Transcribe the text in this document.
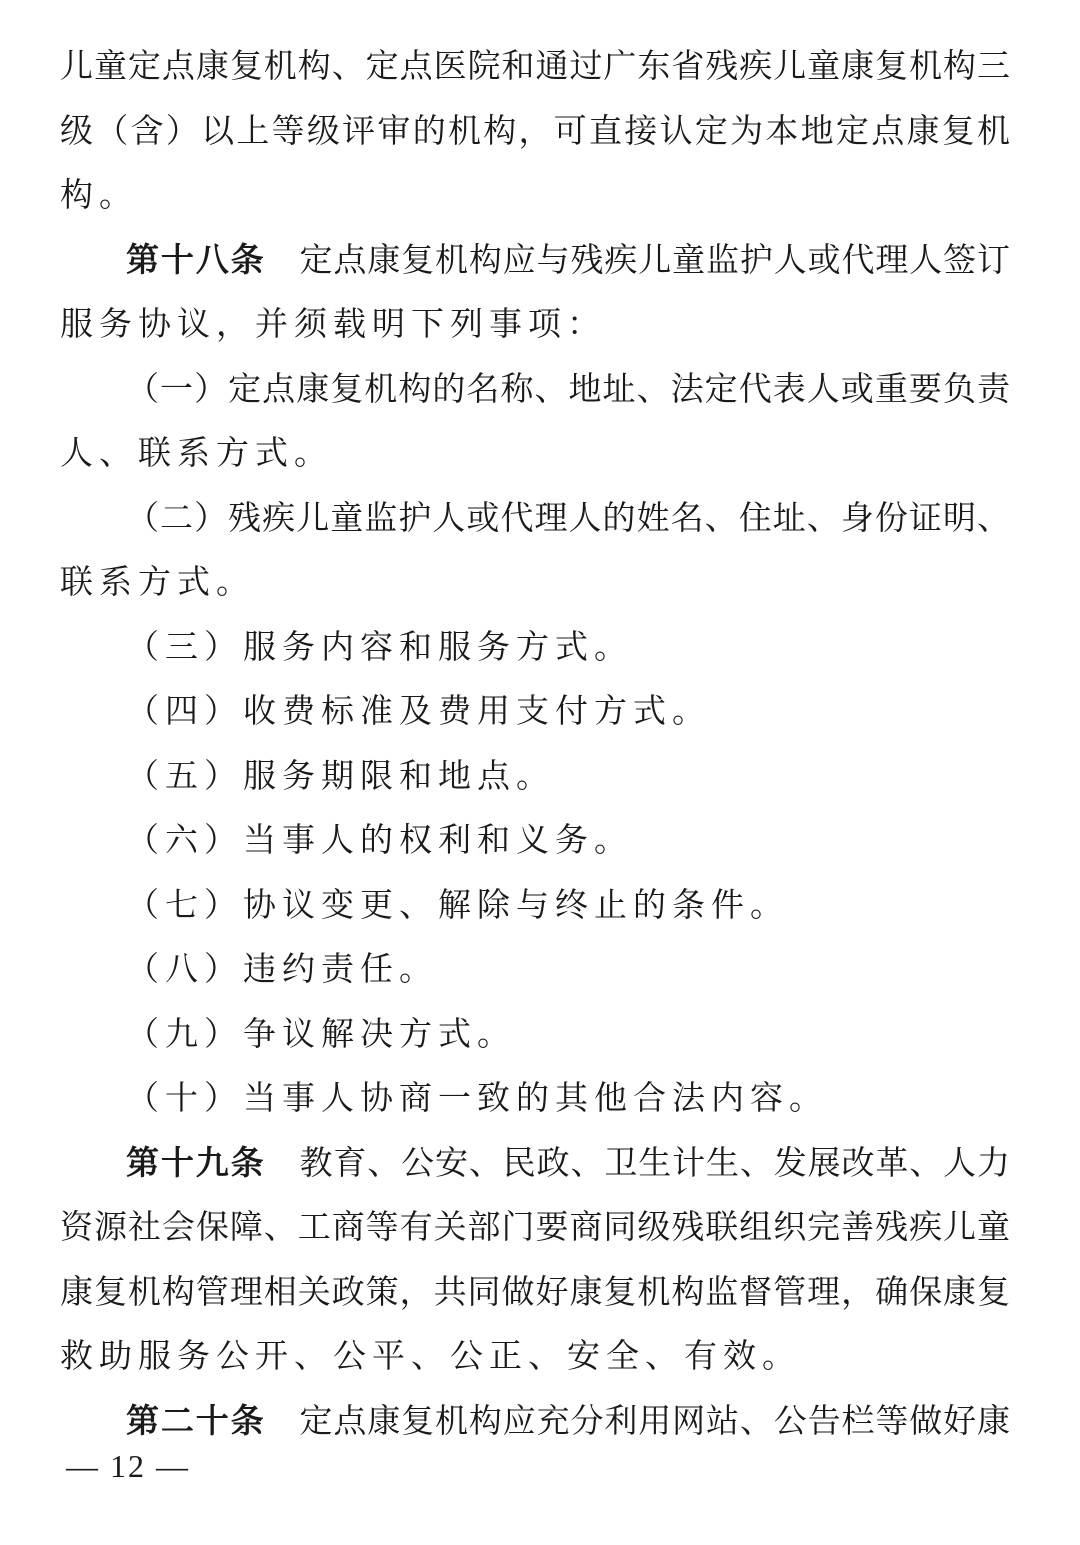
儿童定点康复机构、定点医院和通过广东省残疾儿童康复机构三
级（含）以上等级评审的机构，可直接认定为本地定点康复机
构。
第十八条 定点康复机构应与残疾儿童监护人或代理人签订
服务协议，并须载明下列事项：
（一）定点康复机构的名称、地址、法定代表人或重要负责
人、联系方式。
（二）残疾儿童监护人或代理人的姓名、住址、身份证明、
联系方式。
（三）服务内容和服务方式。
（四）收费标准及费用支付方式。
（五）服务期限和地点。
（六）当事人的权利和义务。
（七）协议变更、解除与终止的条件。
（八）违约责任。
（九）争议解决方式。
（十）当事人协商一致的其他合法内容。
第十九条 教育、公安、民政、卫生计生、发展改革、人力
资源社会保障、工商等有关部门要商同级残联组织完善残疾儿童
康复机构管理相关政策，共同做好康复机构监督管理，确保康复
救助服务公开、公平、公正、安全、有效。
第二十条 定点康复机构应充分利用网站、公告栏等做好康
— 12 —
